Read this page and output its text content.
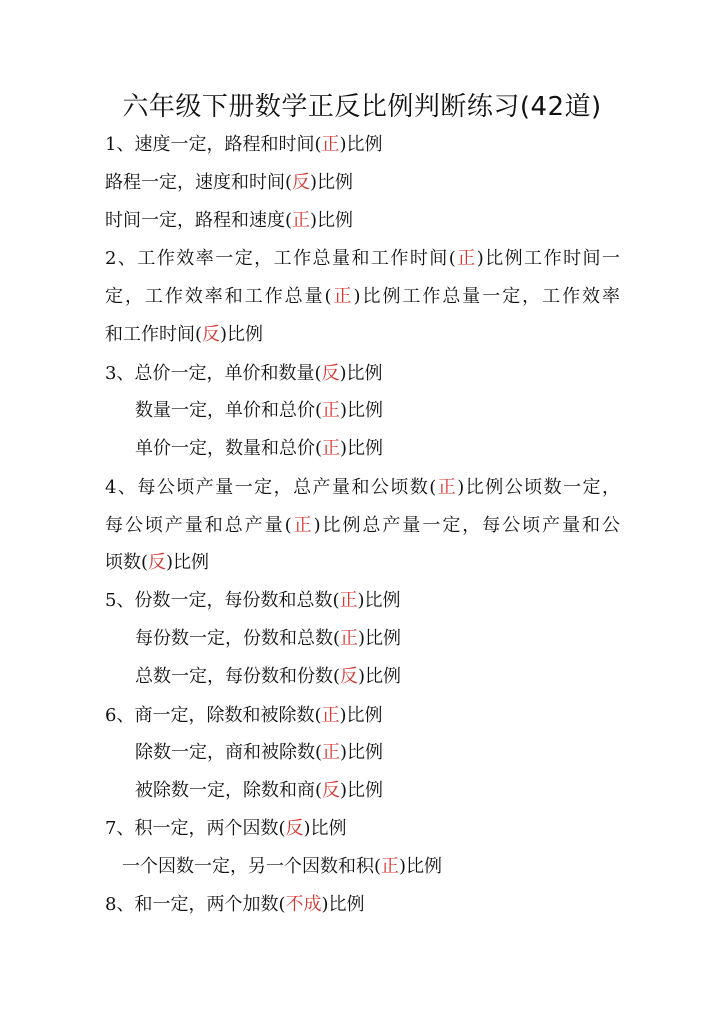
六年级下册数学正反比例判断练习(42道)
1、速度一定，路程和时间(正)比例
路程一定，速度和时间(反)比例
时间一定，路程和速度(正)比例
2、工作效率一定，工作总量和工作时间(正)比例工作时间一
定，工作效率和工作总量(正)比例工作总量一定，工作效率
和工作时间(反)比例
3、总价一定，单价和数量(反)比例
数量一定，单价和总价(正)比例
单价一定，数量和总价(正)比例
4、每公顷产量一定，总产量和公顷数(正)比例公顷数一定，
每公顷产量和总产量(正)比例总产量一定，每公顷产量和公
顷数(反)比例
5、份数一定，每份数和总数(正)比例
每份数一定，份数和总数(正)比例
总数一定，每份数和份数(反)比例
6、商一定，除数和被除数(正)比例
除数一定，商和被除数(正)比例
被除数一定，除数和商(反)比例
7、积一定，两个因数(反)比例
一个因数一定，另一个因数和积(正)比例
8、和一定，两个加数(不成)比例
